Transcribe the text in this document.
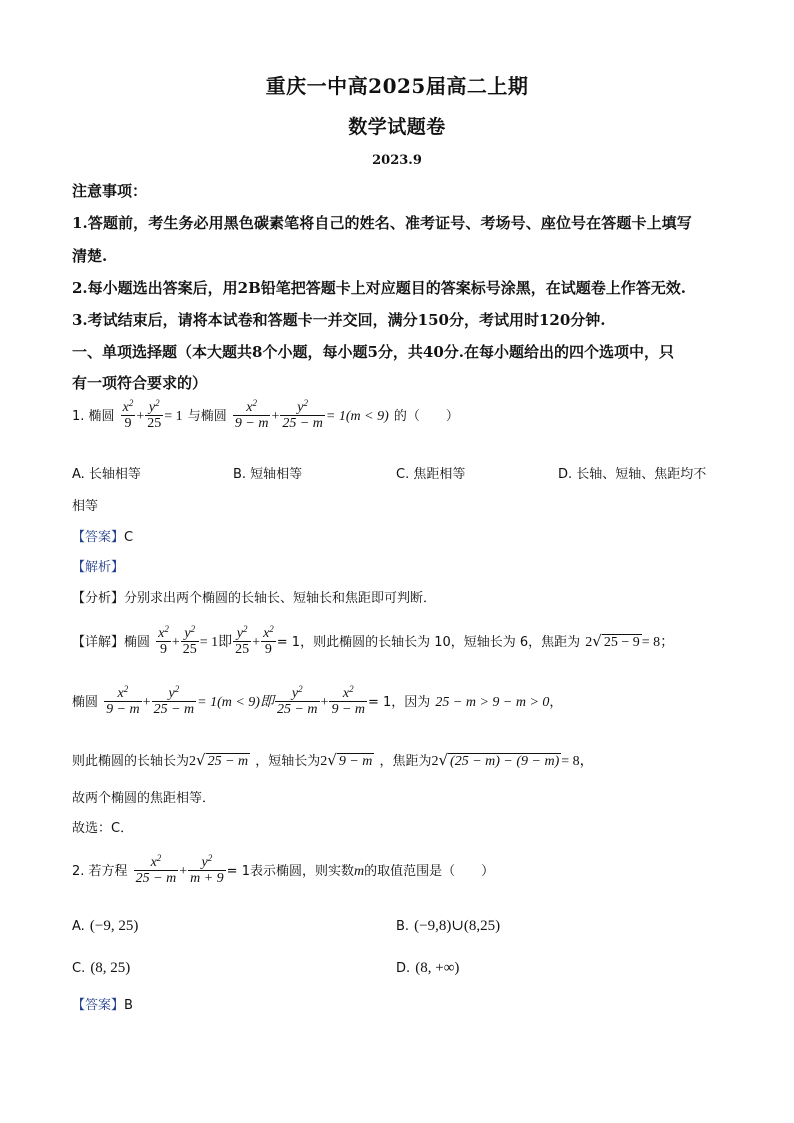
重庆一中高2025届高二上期
数学试题卷
2023.9
注意事项：
1.答题前，考生务必用黑色碳素笔将自己的姓名、准考证号、考场号、座位号在答题卡上填写
清楚.
2.每小题选出答案后，用2B铅笔把答题卡上对应题目的答案标号涂黑，在试题卷上作答无效.
3.考试结束后，请将本试卷和答题卡一并交回，满分150分，考试用时120分钟.
一、单项选择题（本大题共8个小题，每小题5分，共40分.在每小题给出的四个选项中，只
有一项符合要求的）
1. 椭圆 $\frac{x^2}{9} + \frac{y^2}{25} = 1$ 与椭圆 $\frac{x^2}{9 - m} + \frac{y^2}{25 - m} = 1(m < 9)$ 的（　　）
A. 长轴相等	B. 短轴相等	C. 焦距相等	D. 长轴、短轴、焦距均不
相等
【答案】C
【解析】
【分析】分别求出两个椭圆的长轴长、短轴长和焦距即可判断．
【详解】椭圆 $\frac{x^2}{9} + \frac{y^2}{25} = 1$即 $\frac{y^2}{25} + \frac{x^2}{9} = 1$，则此椭圆的长轴长为 10，短轴长为 6，焦距为 2√ 25 − 9 = 8；
椭圆 $\frac{x^2}{9 - m} + \frac{y^2}{25 - m} = 1(m < 9)$即 $\frac{y^2}{25 - m} + \frac{x^2}{9 - m} = 1$，因为 25 − m > 9 − m > 0，
则此椭圆的长轴长为2√ 25 − m ，短轴长为2√ 9 − m ，焦距为2√ (25 − m) − (9 − m) = 8，
故两个椭圆的焦距相等．
故选：C．
2. 若方程 $\frac{x^2}{25 - m} + \frac{y^2}{m + 9} = 1$表示椭圆，则实数m的取值范围是（　　）
A. (−9, 25)	B. (−9,8)∪(8,25)
C. (8, 25)	D. (8, +∞)
【答案】B
